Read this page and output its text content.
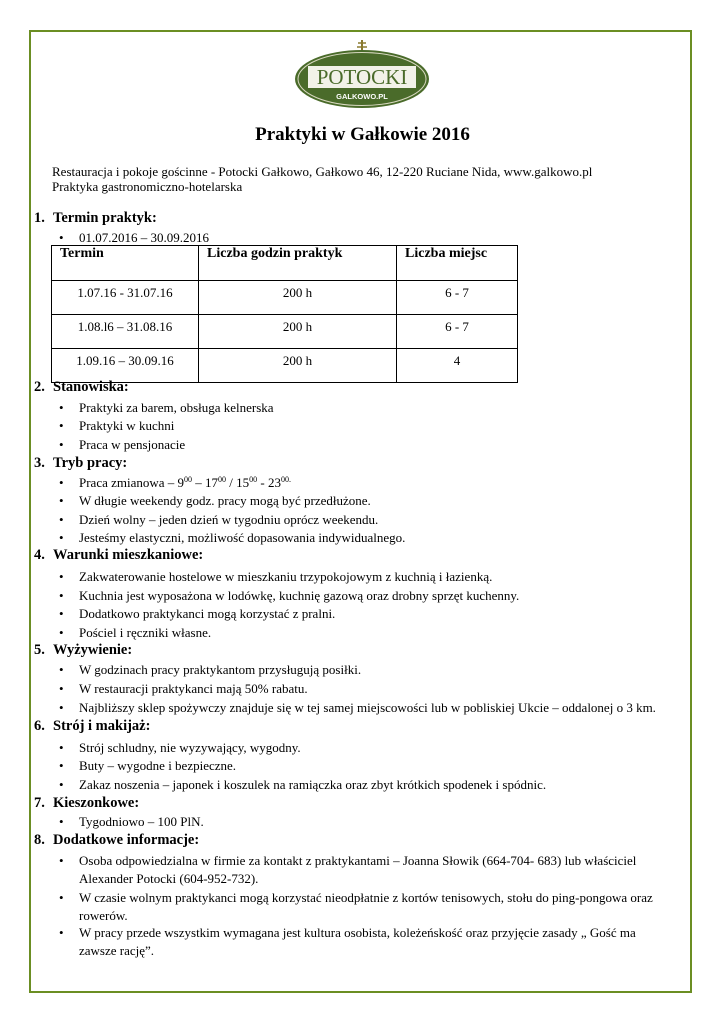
POTOCKI
GALKOWO.PL
Praktyki w Gałkowie 2016
Restauracja i pokoje gościnne - Potocki Gałkowo, Gałkowo 46, 12-220 Ruciane Nida, www.galkowo.pl
Praktyka gastronomiczno-hotelarska
1. Termin praktyk:
• 01.07.2016 – 30.09.2016
Termin	Liczba godzin praktyk	Liczba miejsc
1.07.16 - 31.07.16	200 h	6 - 7
1.08.l6 – 31.08.16	200 h	6 - 7
1.09.16 – 30.09.16	200 h	4
2. Stanowiska:
• Praktyki za barem, obsługa kelnerska
• Praktyki w kuchni
• Praca w pensjonacie
3. Tryb pracy:
• Praca zmianowa – $9^{00} - 17^{00} / 15^{00} - 23^{00.}$
• W długie weekendy godz. pracy mogą być przedłużone.
• Dzień wolny – jeden dzień w tygodniu oprócz weekendu.
• Jesteśmy elastyczni, możliwość dopasowania indywidualnego.
4. Warunki mieszkaniowe:
• Zakwaterowanie hostelowe w mieszkaniu trzypokojowym z kuchnią i łazienką.
• Kuchnia jest wyposażona w lodówkę, kuchnię gazową oraz drobny sprzęt kuchenny.
• Dodatkowo praktykanci mogą korzystać z pralni.
• Pościel i ręczniki własne.
5. Wyżywienie:
• W godzinach pracy praktykantom przysługują posiłki.
• W restauracji praktykanci mają 50% rabatu.
• Najbliższy sklep spożywczy znajduje się w tej samej miejscowości lub w pobliskiej Ukcie – oddalonej o 3 km.
6. Strój i makijaż:
• Strój schludny, nie wyzywający, wygodny.
• Buty – wygodne i bezpieczne.
• Zakaz noszenia – japonek i koszulek na ramiączka oraz zbyt krótkich spodenek i spódnic.
7. Kieszonkowe:
• Tygodniowo – 100 PlN.
8. Dodatkowe informacje:
• Osoba odpowiedzialna w firmie za kontakt z praktykantami – Joanna Słowik (664-704- 683) lub właściciel
Alexander Potocki (604-952-732).
• W czasie wolnym praktykanci mogą korzystać nieodpłatnie z kortów tenisowych, stołu do ping-pongowa oraz
rowerów.
• W pracy przede wszystkim wymagana jest kultura osobista, koleżeńskość oraz przyjęcie zasady „ Gość ma
zawsze rację”.
